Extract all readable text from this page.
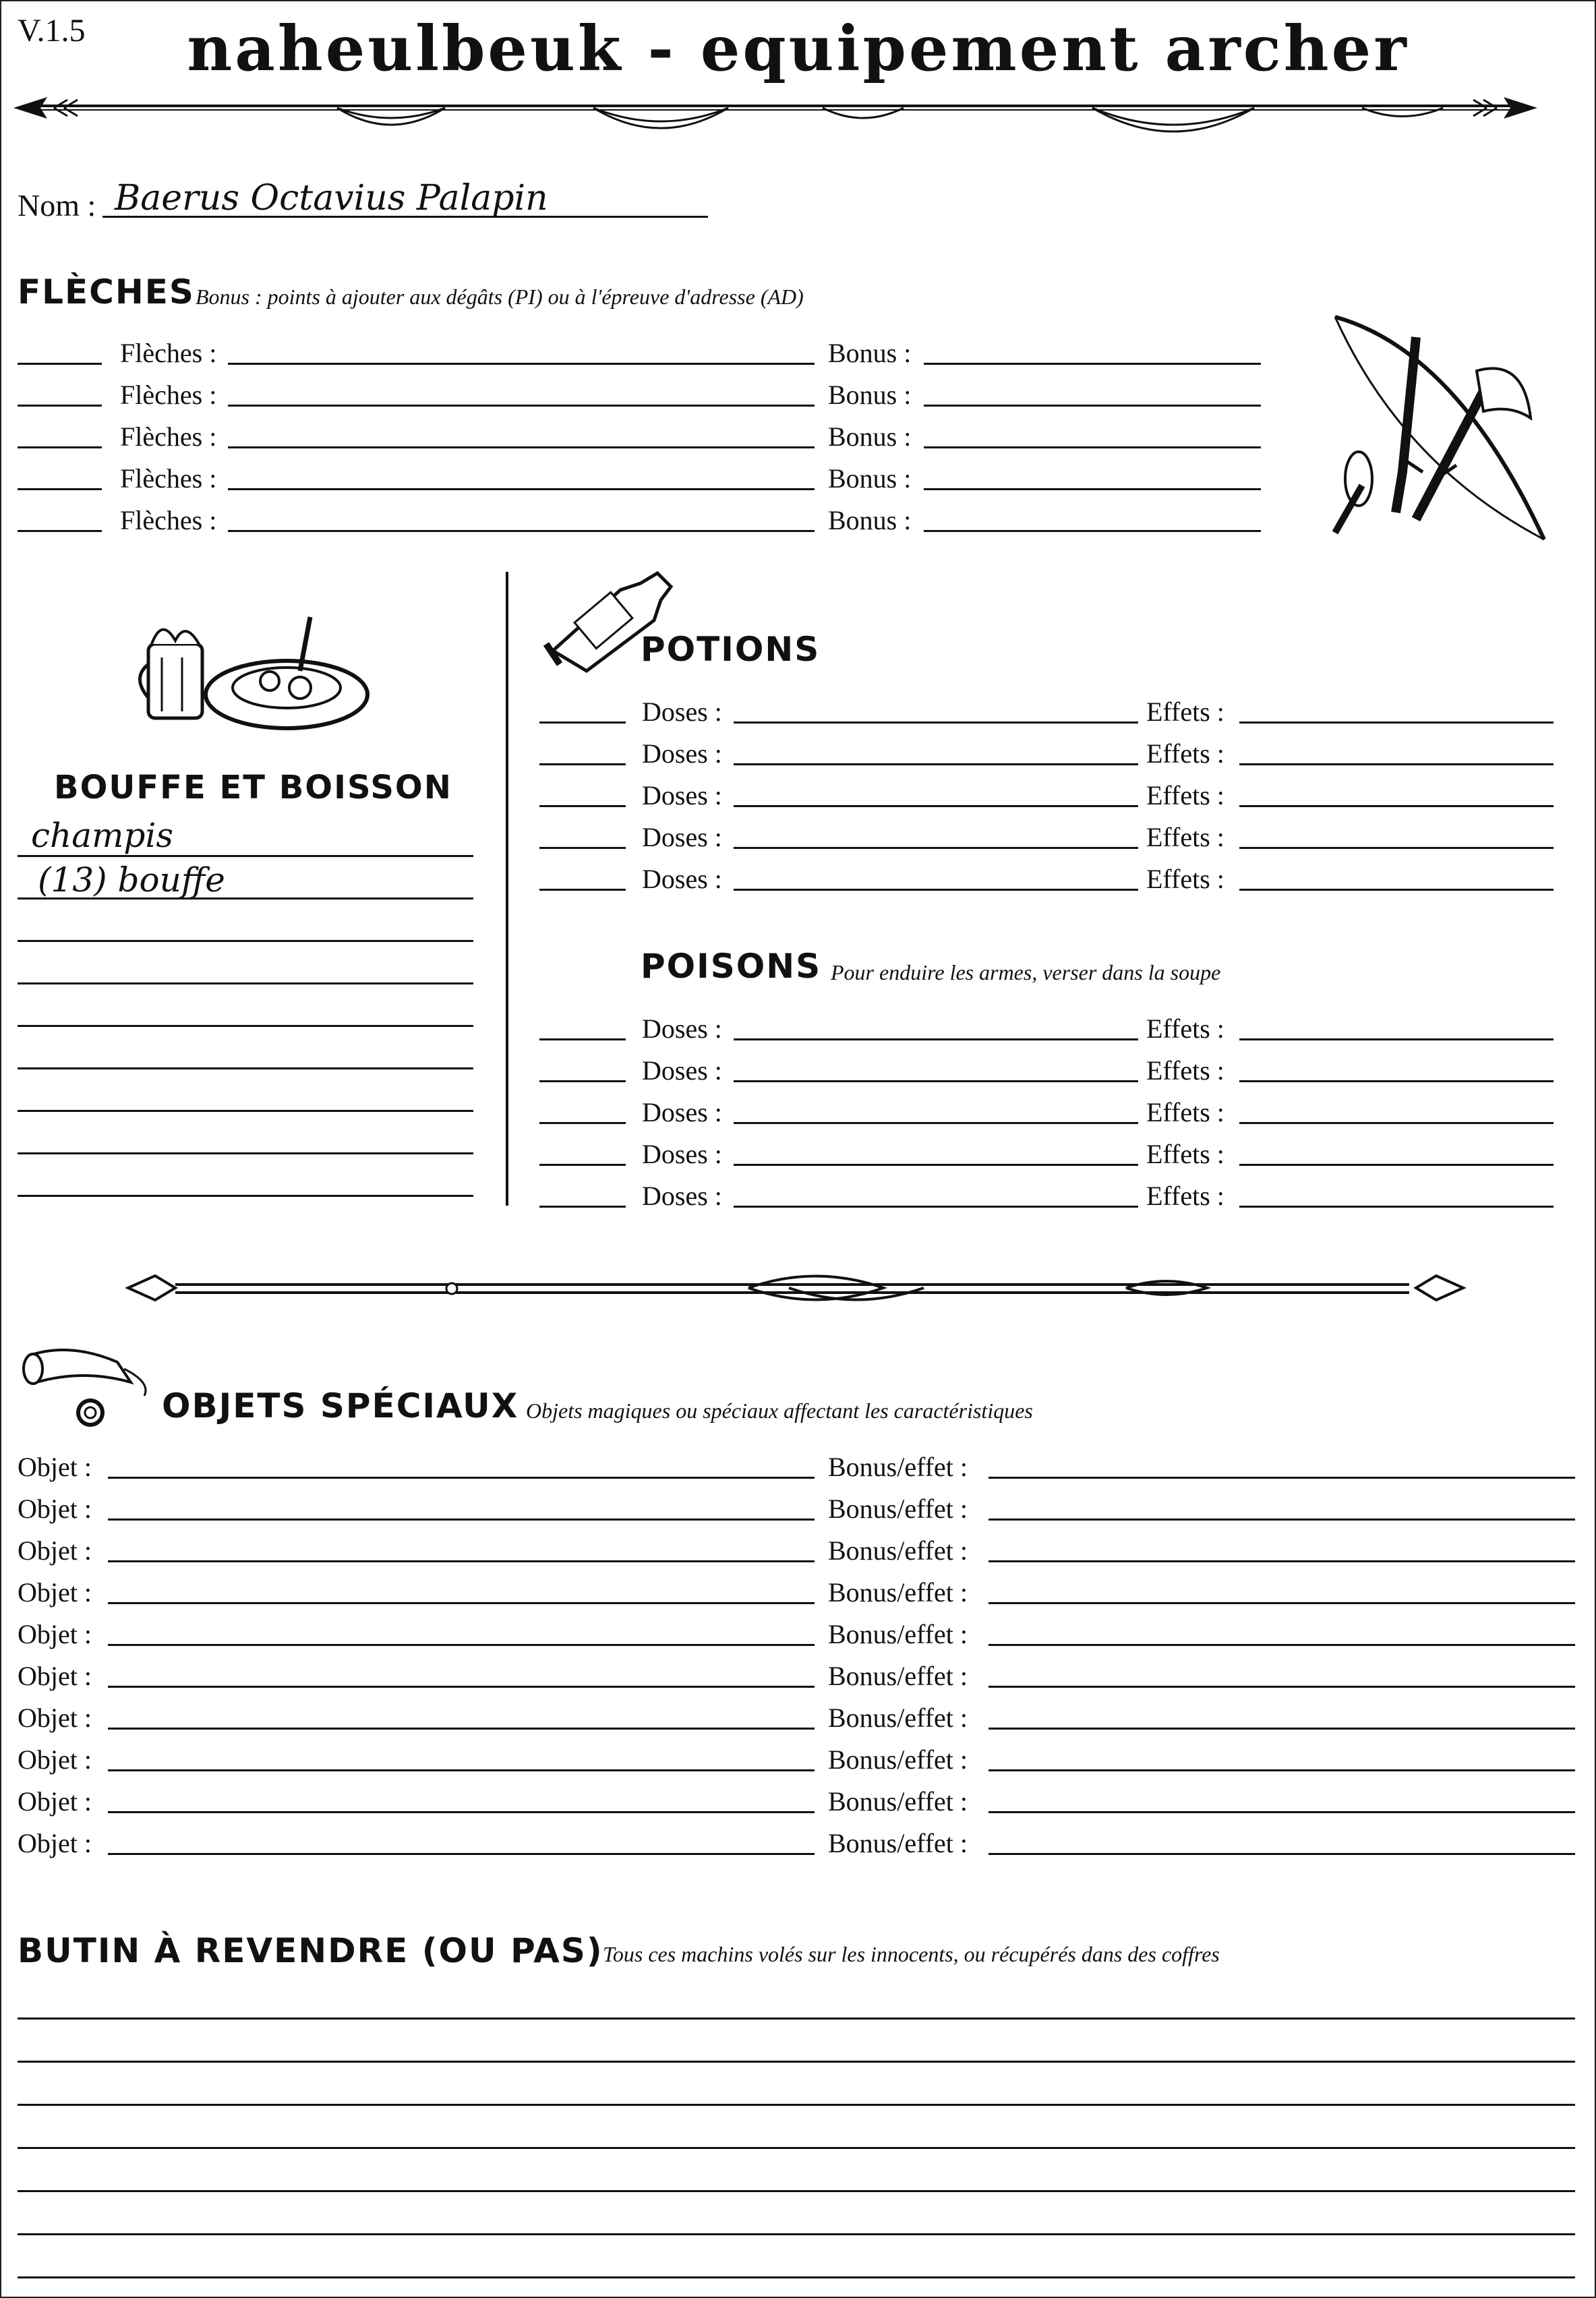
V.1.5	naheulbeuk - equipement archer
Nom : Baerus Octavius Palapin
FLÈCHES Bonus : points à ajouter aux dégâts (PI) ou à l'épreuve d'adresse (AD)
Flèches :	Bonus :
Flèches :	Bonus :
Flèches :	Bonus :
Flèches :	Bonus :
Flèches :	Bonus :
BOUFFE ET BOISSON
champis
(13) bouffe
POTIONS
Doses :	Effets :
Doses :	Effets :
Doses :	Effets :
Doses :	Effets :
Doses :	Effets :
POISONS Pour enduire les armes, verser dans la soupe
Doses :	Effets :
Doses :	Effets :
Doses :	Effets :
Doses :	Effets :
Doses :	Effets :
OBJETS SPÉCIAUX Objets magiques ou spéciaux affectant les caractéristiques
Objet :	Bonus/effet :
Objet :	Bonus/effet :
Objet :	Bonus/effet :
Objet :	Bonus/effet :
Objet :	Bonus/effet :
Objet :	Bonus/effet :
Objet :	Bonus/effet :
Objet :	Bonus/effet :
Objet :	Bonus/effet :
Objet :	Bonus/effet :
BUTIN À REVENDRE (OU PAS) Tous ces machins volés sur les innocents, ou récupérés dans des coffres
